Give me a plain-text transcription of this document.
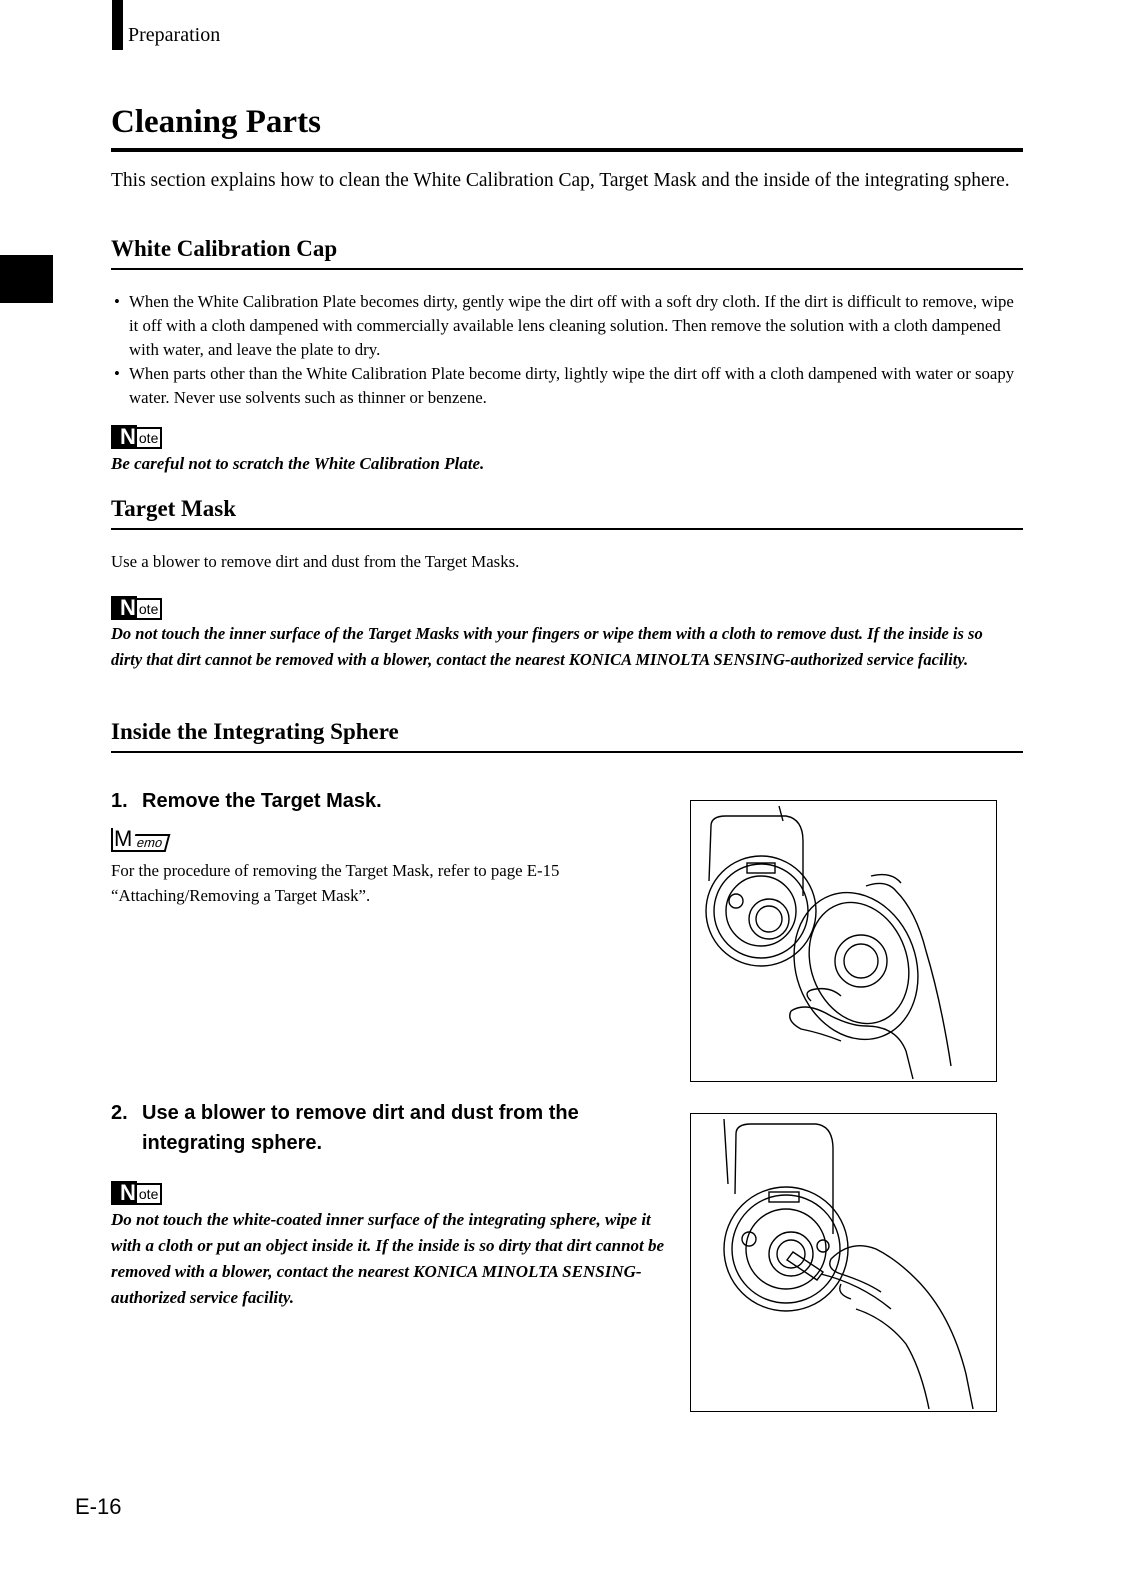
Preparation
Cleaning Parts

This section explains how to clean the White Calibration Cap, Target Mask and the inside of the integrating sphere.

White Calibration Cap
• When the White Calibration Plate becomes dirty, gently wipe the dirt off with a soft dry cloth. If the dirt is difficult to remove, wipe it off with a cloth dampened with commercially available lens cleaning solution. Then remove the solution with a cloth dampened with water, and leave the plate to dry.
• When parts other than the White Calibration Plate become dirty, lightly wipe the dirt off with a cloth dampened with water or soapy water. Never use solvents such as thinner or benzene.
N ote

Be careful not to scratch the White Calibration Plate.

Target Mask

Use a blower to remove dirt and dust from the Target Masks.

N ote

Do not touch the inner surface of the Target Masks with your fingers or wipe them with a cloth to remove dust. If the inside is so dirty that dirt cannot be removed with a blower, contact the nearest KONICA MINOLTA SENSING-authorized service facility.

Inside the Integrating Sphere

1. Remove the Target Mask.

M emo

For the procedure of removing the Target Mask, refer to page E-15 “Attaching/Removing a Target Mask”.

2. Use a blower to remove dirt and dust from the
integrating sphere.

N ote

Do not touch the white-coated inner surface of the integrating sphere, wipe it with a cloth or put an object inside it. If the inside is so dirty that dirt cannot be removed with a blower, contact the nearest KONICA MINOLTA SENSING-authorized service facility.

E-16
